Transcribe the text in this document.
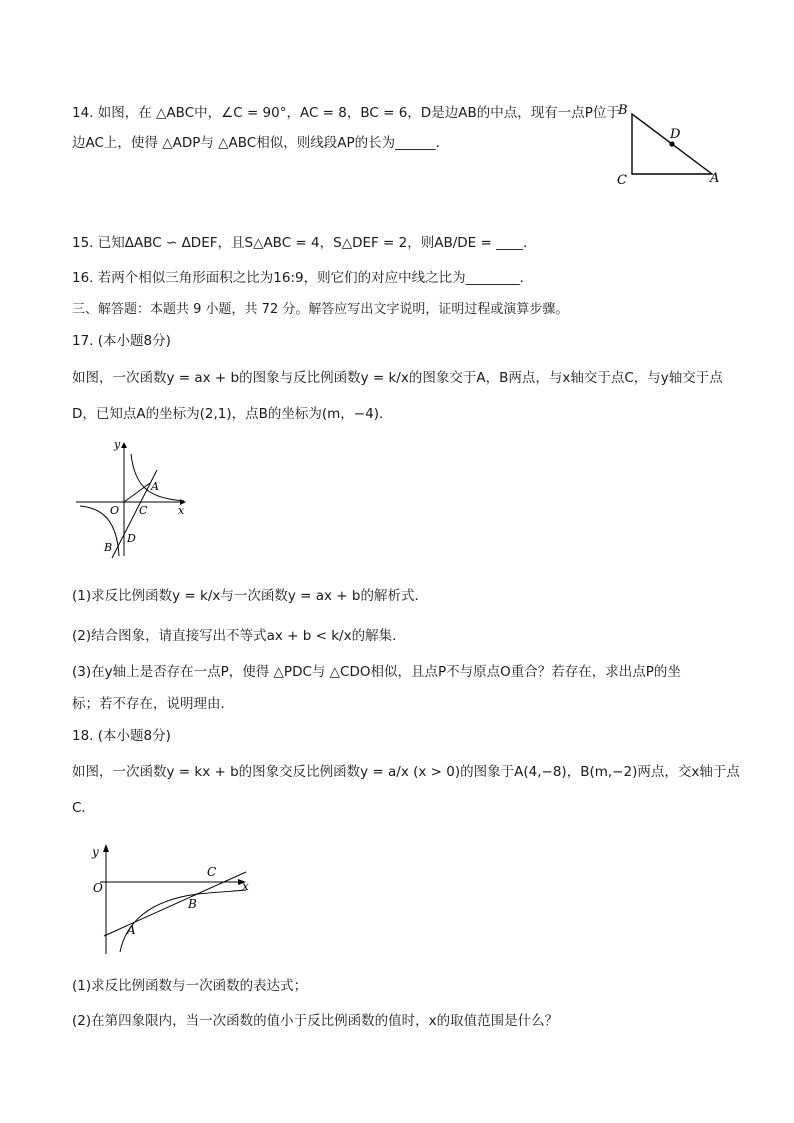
14. 如图，在 △ABC中，∠C = 90°，AC = 8，BC = 6，D是边AB的中点，现有一点P位于
边AC上，使得 △ADP与 △ABC相似，则线段AP的长为______．
B
D
C	A
15. 已知ΔABC ∽ ΔDEF，且S△ABC = 4，S△DEF = 2，则AB/DE = ____．
16. 若两个相似三角形面积之比为16:9，则它们的对应中线之比为________．
三、解答题：本题共 9 小题，共 72 分。解答应写出文字说明，证明过程或演算步骤。
17. (本小题8分)
如图，一次函数y = ax + b的图象与反比例函数y = k/x的图象交于A，B两点，与x轴交于点C，与y轴交于点
D，已知点A的坐标为(2,1)，点B的坐标为(m，−4)．
y
A
O C	x
B
D
(1)求反比例函数y = k/x与一次函数y = ax + b的解析式．
(2)结合图象，请直接写出不等式ax + b < k/x的解集．
(3)在y轴上是否存在一点P，使得 △PDC与 △CDO相似，且点P不与原点O重合？若存在，求出点P的坐
标；若不存在，说明理由．
18. (本小题8分)
如图，一次函数y = kx + b的图象交反比例函数y = a/x (x > 0)的图象于A(4,−8)，B(m,−2)两点，交x轴于点
C．
y
O
C
x
B
A
(1)求反比例函数与一次函数的表达式；
(2)在第四象限内，当一次函数的值小于反比例函数的值时，x的取值范围是什么？
